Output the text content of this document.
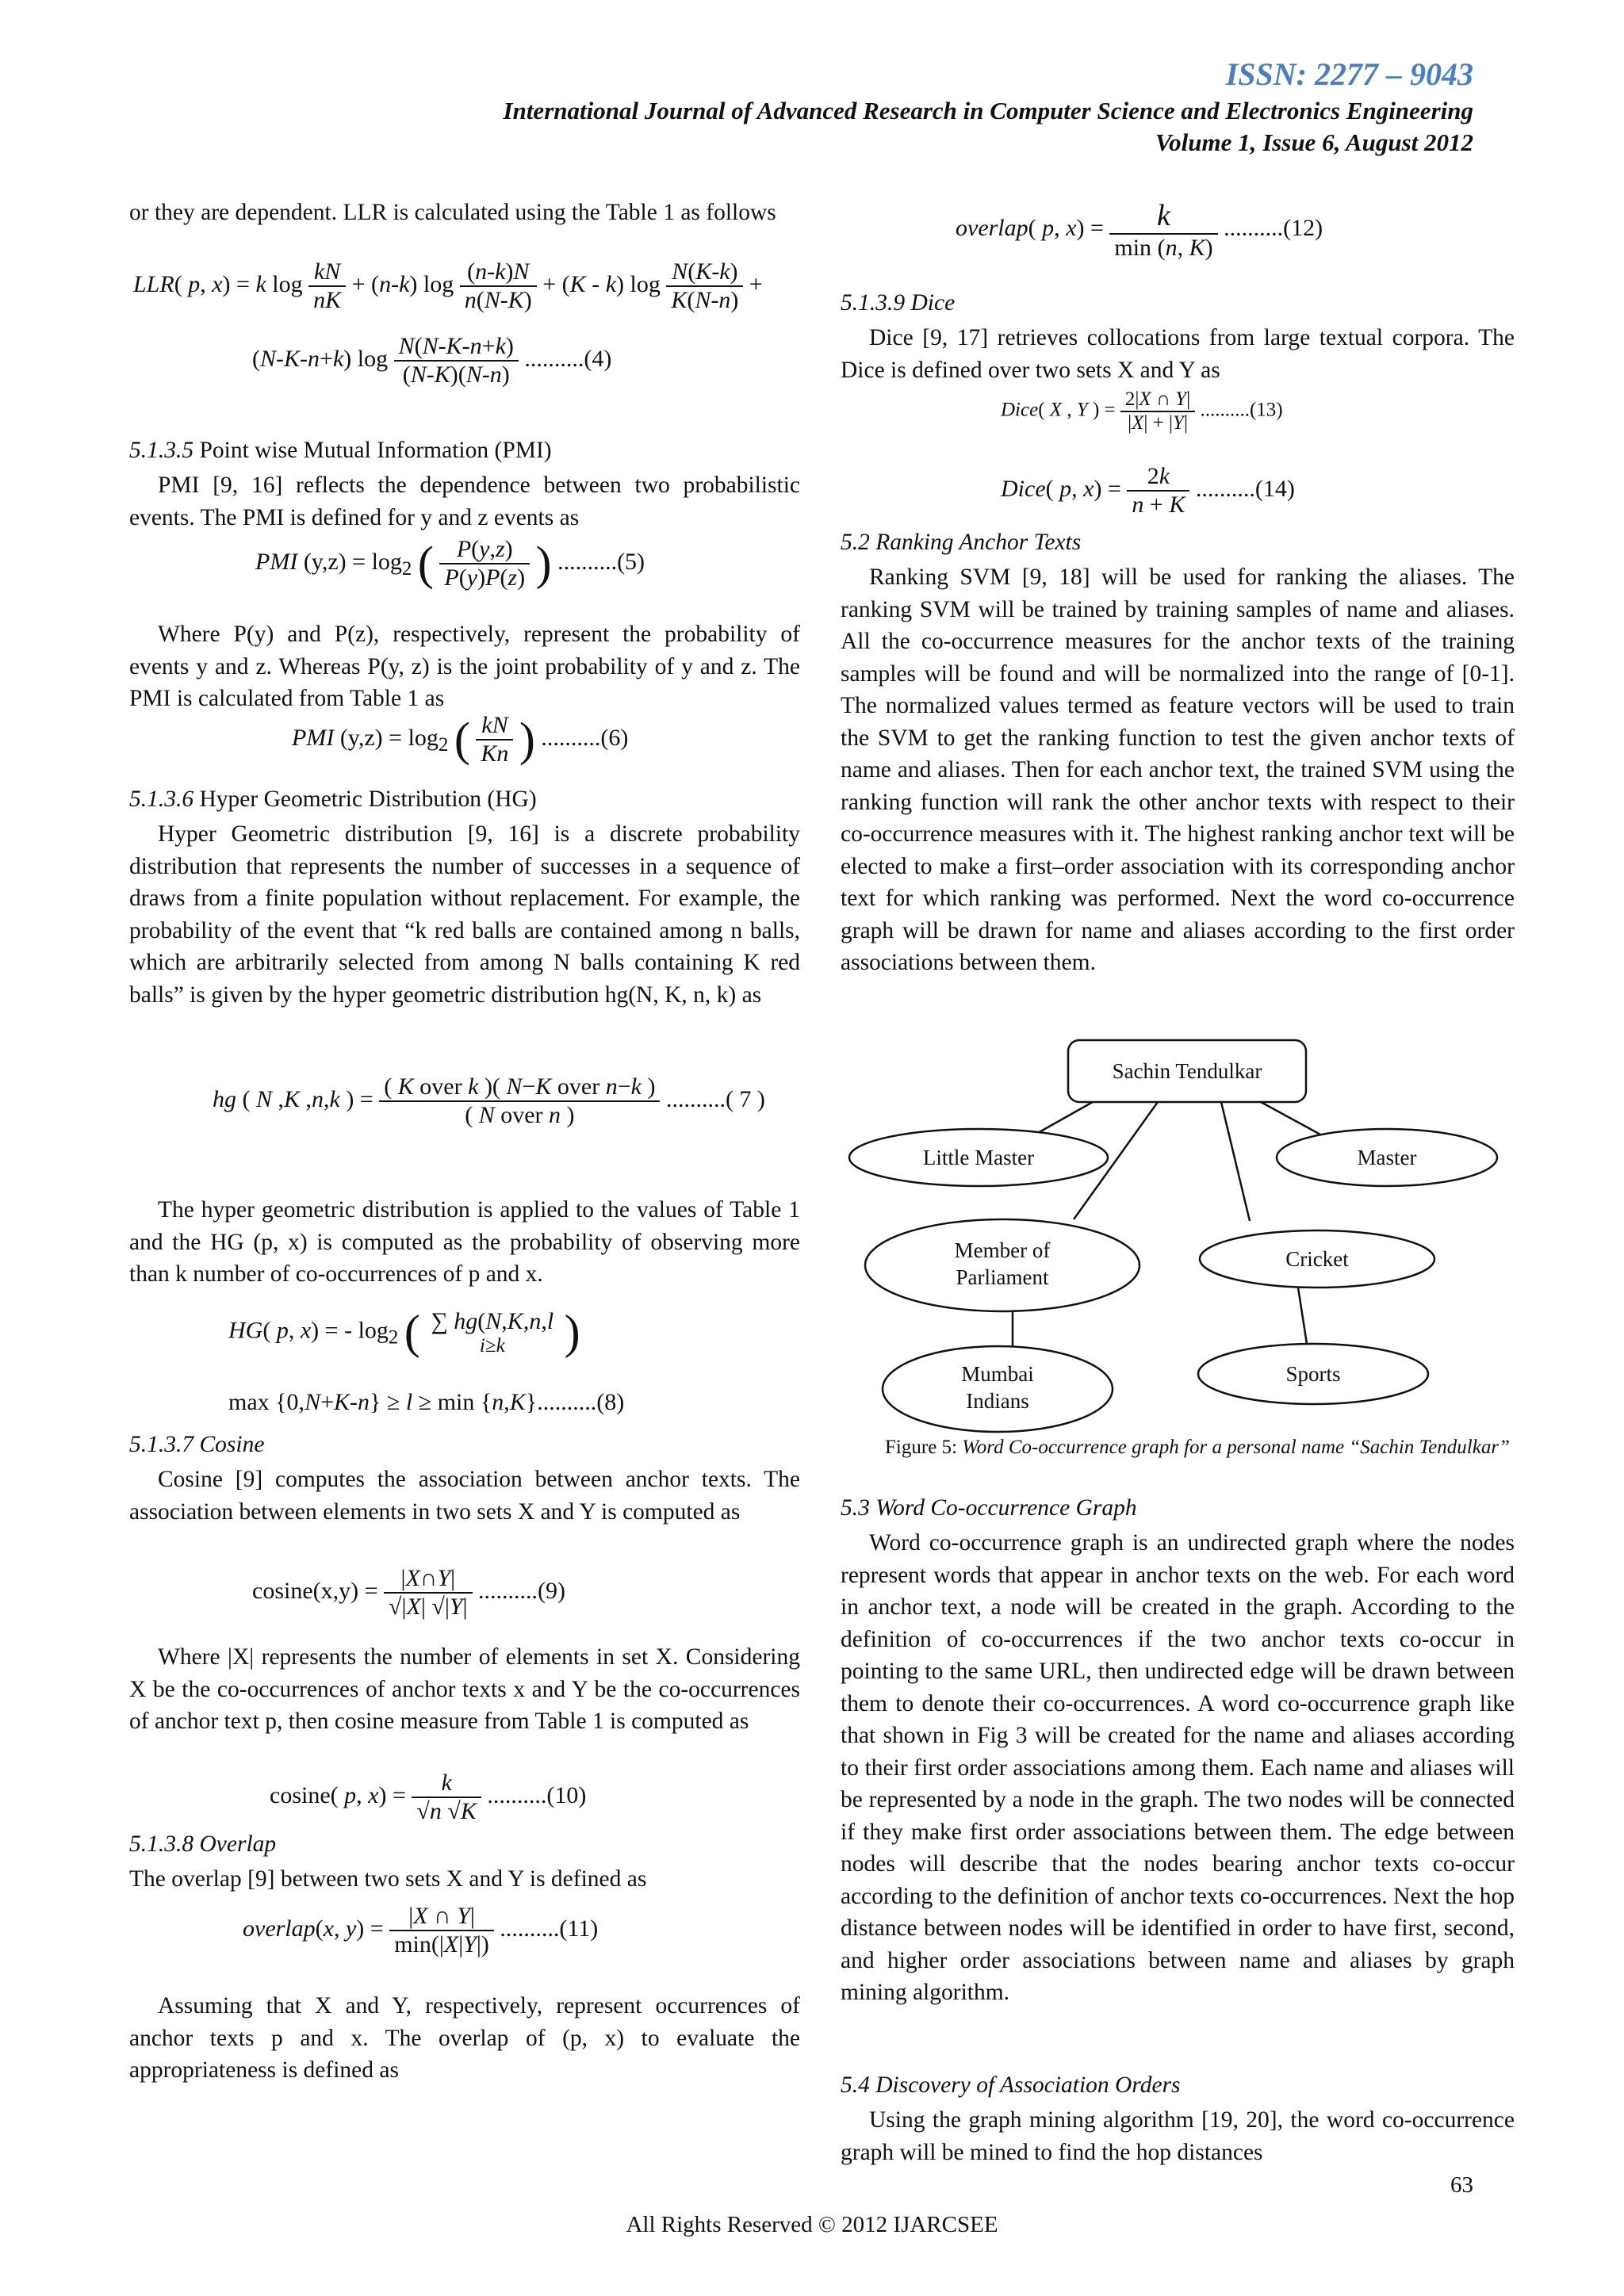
ISSN: 2277 – 9043
International Journal of Advanced Research in Computer Science and Electronics Engineering
Volume 1, Issue 6, August 2012

or they are dependent. LLR is calculated using the Table 1 as follows

LLR( p, x) = k $\log \frac{kN}{nK} + (n-k)$ $\log \frac{(n-k)N}{n(N-K)} + (K - k)$ $\log \frac{N(K-k)}{K(N-n)}$ +
(N-K-n+k) $\log \frac{N(N-K-n+k)}{(N-K)(N-n)} ..........(4)$
5.1.3.5 Point wise Mutual Information (PMI)

PMI [9, 16] reflects the dependence between two probabilistic events. The PMI is defined for y and z events as

PMI $(y,z) = \log_2$ ( $\frac{P(y,z)}{P(y)P(z)}$ ) ..........(5)

Where P(y) and P(z), respectively, represent the probability of events y and z. Whereas P(y, z) is the joint probability of y and z. The PMI is calculated from Table 1 as

PMI $(y,z) = \log_2$ ( $\frac{kN}{Kn}$ ) ..........(6)
5.1.3.6 Hyper Geometric Distribution (HG)

Hyper Geometric distribution [9, 16] is a discrete probability distribution that represents the number of successes in a sequence of draws from a finite population without replacement. For example, the probability of the event that “k red balls are contained among n balls, which are arbitrarily selected from among N balls containing K red balls” is given by the hyper geometric distribution hg(N, K, n, k) as

hg ( N ,K ,n,k ) = $\frac{\text{( K over k )( N−K over n−k )}}{\text{( N over n )}}$ ..........( 7 )

The hyper geometric distribution is applied to the values of Table 1 and the HG (p, x) is computed as the probability of observing more than k number of co-occurrences of p and x.

HG( p, x) = - $\log_2$ ( ∑ hg(N,K,n,l
i≥k	)
max {0,N+K-n} ≥ l ≥ min {n,K}..........(8)
5.1.3.7 Cosine

Cosine [9] computes the association between anchor texts. The association between elements in two sets X and Y is computed as

$cosine(x,y) = \frac{|X\cap Y|}{√|X| √|Y|} ..........(9)$

Where |X| represents the number of elements in set X. Considering X be the co-occurrences of anchor texts x and Y be the co-occurrences of anchor text p, then cosine measure from Table 1 is computed as

cosine( p, $x) = \frac{k}{√n √K} ..........(10)$
5.1.3.8 Overlap

The overlap [9] between two sets X and Y is defined as

overlap(x, $y) = \frac{|X \cap Y|}{\min(|X|Y|)} ..........(11)$

Assuming that X and Y, respectively, represent occurrences of anchor texts p and x. The overlap of (p, x) to evaluate the appropriateness is defined as

overlap( p, $x) = \frac{k}{\min (n, K)} ..........(12)$
5.1.3.9 Dice

Dice [9, 17] retrieves collocations from large textual corpora. The Dice is defined over two sets X and Y as

Dice( X , Y ) = $\frac{2|X \cap Y|}{|X| + |Y|} ..........(13)$
Dice( p, $x) = \frac{2k}{n + K} ..........(14)$
5.2 Ranking Anchor Texts

Ranking SVM [9, 18] will be used for ranking the aliases. The ranking SVM will be trained by training samples of name and aliases. All the co-occurrence measures for the anchor texts of the training samples will be found and will be normalized into the range of [0-1]. The normalized values termed as feature vectors will be used to train the SVM to get the ranking function to test the given anchor texts of name and aliases. Then for each anchor text, the trained SVM using the ranking function will rank the other anchor texts with respect to their co-occurrence measures with it. The highest ranking anchor text will be elected to make a first–order association with its corresponding anchor text for which ranking was performed. Next the word co-occurrence graph will be drawn for name and aliases according to the first order associations between them.

Sachin Tendulkar
Little Master	Master
Member of
Parliament
Cricket
Mumbai
Indians
Sports
Figure 5: Word Co-occurrence graph for a personal name “Sachin Tendulkar”
5.3 Word Co-occurrence Graph

Word co-occurrence graph is an undirected graph where the nodes represent words that appear in anchor texts on the web. For each word in anchor text, a node will be created in the graph. According to the definition of co-occurrences if the two anchor texts co-occur in pointing to the same URL, then undirected edge will be drawn between them to denote their co-occurrences. A word co-occurrence graph like that shown in Fig 3 will be created for the name and aliases according to their first order associations among them. Each name and aliases will be represented by a node in the graph. The two nodes will be connected if they make first order associations between them. The edge between nodes will describe that the nodes bearing anchor texts co-occur according to the definition of anchor texts co-occurrences. Next the hop distance between nodes will be identified in order to have first, second, and higher order associations between name and aliases by graph mining algorithm.

5.4 Discovery of Association Orders

Using the graph mining algorithm [19, 20], the word co-occurrence graph will be mined to find the hop distances

63
All Rights Reserved © 2012 IJARCSEE
